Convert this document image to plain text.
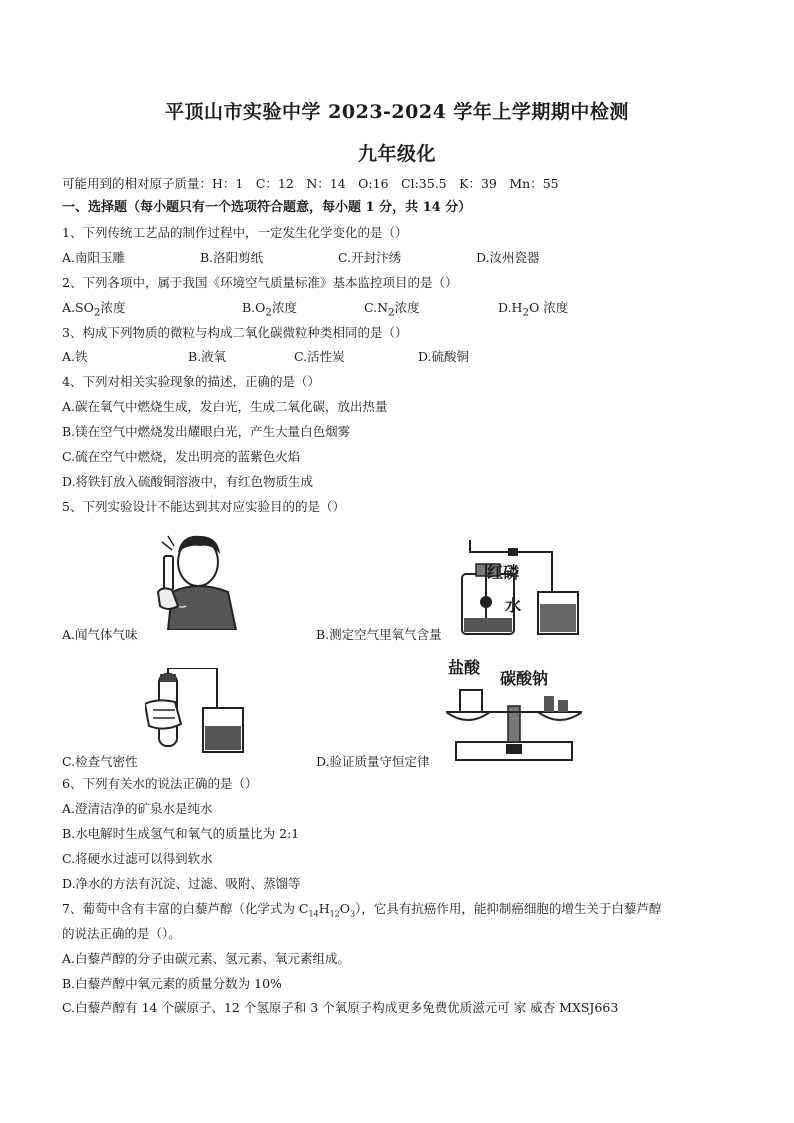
平顶山市实验中学 2023-2024 学年上学期期中检测
九年级化
可能用到的相对原子质量：H：1　C：12　N：14　O:16　Cl:35.5　K：39　Mn：55
一、选择题（每小题只有一个选项符合题意，每小题 1 分，共 14 分）
1、下列传统工艺品的制作过程中，一定发生化学变化的是（）
A.南阳玉雕	B.洛阳剪纸	C.开封汴绣	D.汝州瓷器
2、下列各项中，属于我国《环境空气质量标准》基本监控项目的是（）
$A.SO_2$浓度	$B.O_2$浓度	$C.N_2$浓度	$D.H_2O$ 浓度
3、构成下列物质的微粒与构成二氧化碳微粒种类相同的是（）
A.铁	B.液氧	C.活性炭	D.硫酸铜
4、下列对相关实验现象的描述，正确的是（）
A.碳在氧气中燃烧生成，发白光，生成二氧化碳，放出热量
B.镁在空气中燃烧发出耀眼白光，产生大量白色烟雾
C.硫在空气中燃烧，发出明亮的蓝紫色火焰
D.将铁钉放入硫酸铜溶液中，有红色物质生成
5、下列实验设计不能达到其对应实验目的的是（）
A.闻气体气味
红磷
水
B.测定空气里氧气含量
C.检查气密性
盐酸
碳酸钠
D.验证质量守恒定律
6、下列有关水的说法正确的是（）
A.澄清洁净的矿泉水是纯水
B.水电解时生成氢气和氧气的质量比为 2:1
C.将硬水过滤可以得到软水
D.净水的方法有沉淀、过滤、吸附、蒸馏等
7、葡萄中含有丰富的白藜芦醇（化学式为 $C_{14}H_{12}O_3$），它具有抗癌作用，能抑制癌细胞的增生关于白藜芦醇
的说法正确的是（）。
A.白藜芦醇的分子由碳元素、氢元素、氧元素组成。
B.白藜芦醇中氧元素的质量分数为 10%
C.白藜芦醇有 14 个碳原子、12 个氢原子和 3 个氧原子构成更多免费优质滋元可 家 威杏 MXSJ663
